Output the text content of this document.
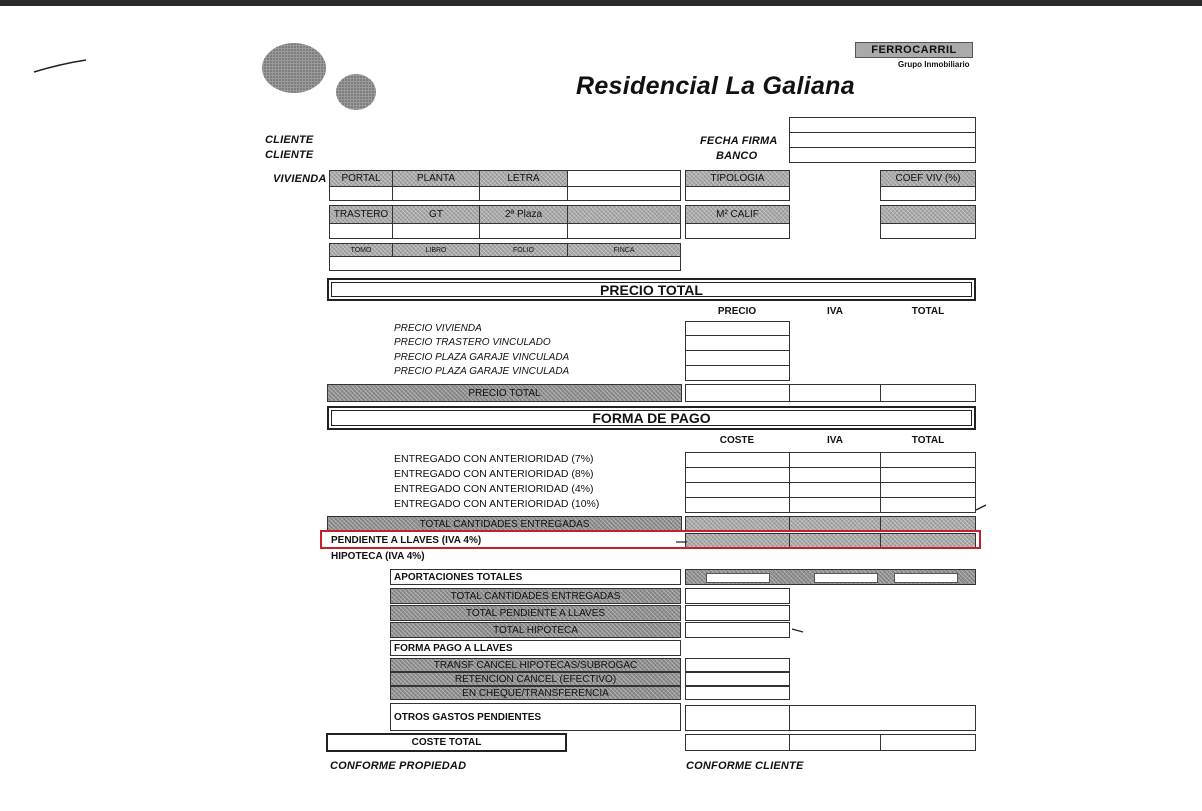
FERROCARRIL
Grupo Inmobiliario
Residencial La Galiana
CLIENTE
CLIENTE
FECHA FIRMA
BANCO
VIVIENDA	PORTAL	PLANTA	LETRA	TIPOLOGIA	COEF VIV (%)
TRASTERO	GT	2ª Plaza	M² CALIF
TOMO	LIBRO	FOLIO	FINCA
PRECIO TOTAL
PRECIO	IVA	TOTAL
PRECIO VIVIENDA
PRECIO TRASTERO VINCULADO
PRECIO PLAZA GARAJE VINCULADA
PRECIO PLAZA GARAJE VINCULADA
PRECIO TOTAL
FORMA DE PAGO
COSTE	IVA	TOTAL
ENTREGADO CON ANTERIORIDAD (7%)
ENTREGADO CON ANTERIORIDAD (8%)
ENTREGADO CON ANTERIORIDAD (4%)
ENTREGADO CON ANTERIORIDAD (10%)
TOTAL CANTIDADES ENTREGADAS
PENDIENTE A LLAVES (IVA 4%)
HIPOTECA (IVA 4%)
APORTACIONES TOTALES
TOTAL CANTIDADES ENTREGADAS
TOTAL PENDIENTE A LLAVES
TOTAL HIPOTECA
FORMA PAGO A LLAVES
TRANSF CANCEL HIPOTECAS/SUBROGAC
RETENCION CANCEL (EFECTIVO)
EN CHEQUE/TRANSFERENCIA
OTROS GASTOS PENDIENTES
COSTE TOTAL
CONFORME PROPIEDAD	CONFORME CLIENTE
